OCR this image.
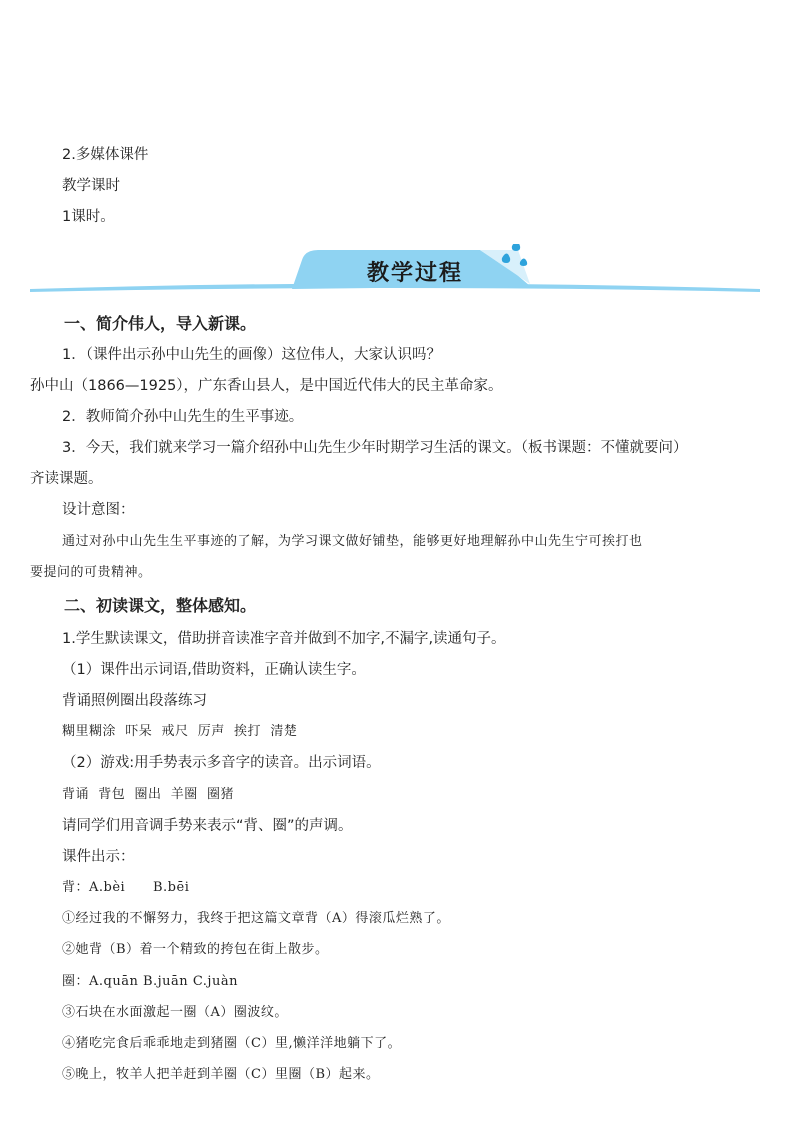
2.多媒体课件
教学课时
1课时。
教学过程
一、简介伟人，导入新课。
1．（课件出示孙中山先生的画像）这位伟人，大家认识吗？
孙中山（1866—1925），广东香山县人，是中国近代伟大的民主革命家。
2．教师简介孙中山先生的生平事迹。
3．今天，我们就来学习一篇介绍孙中山先生少年时期学习生活的课文。（板书课题：不懂就要问）
齐读课题。
设计意图：
通过对孙中山先生生平事迹的了解，为学习课文做好铺垫，能够更好地理解孙中山先生宁可挨打也
要提问的可贵精神。
二、初读课文，整体感知。
1.学生默读课文，借助拼音读准字音并做到不加字,不漏字,读通句子。
（1）课件出示词语,借助资料，正确认读生字。
背诵照例圈出段落练习
糊里糊涂  吓呆  戒尺  厉声  挨打  清楚
（2）游戏:用手势表示多音字的读音。出示词语。
背诵  背包  圈出  羊圈  圈猪
请同学们用音调手势来表示“背、圈”的声调。
课件出示：
背：A.bèi      B.bēi
①经过我的不懈努力，我终于把这篇文章背（A）得滚瓜烂熟了。
②她背（B）着一个精致的挎包在街上散步。
圈：A.quān B.juān C.juàn
③石块在水面激起一圈（A）圈波纹。
④猪吃完食后乖乖地走到猪圈（C）里,懒洋洋地躺下了。
⑤晚上，牧羊人把羊赶到羊圈（C）里圈（B）起来。
